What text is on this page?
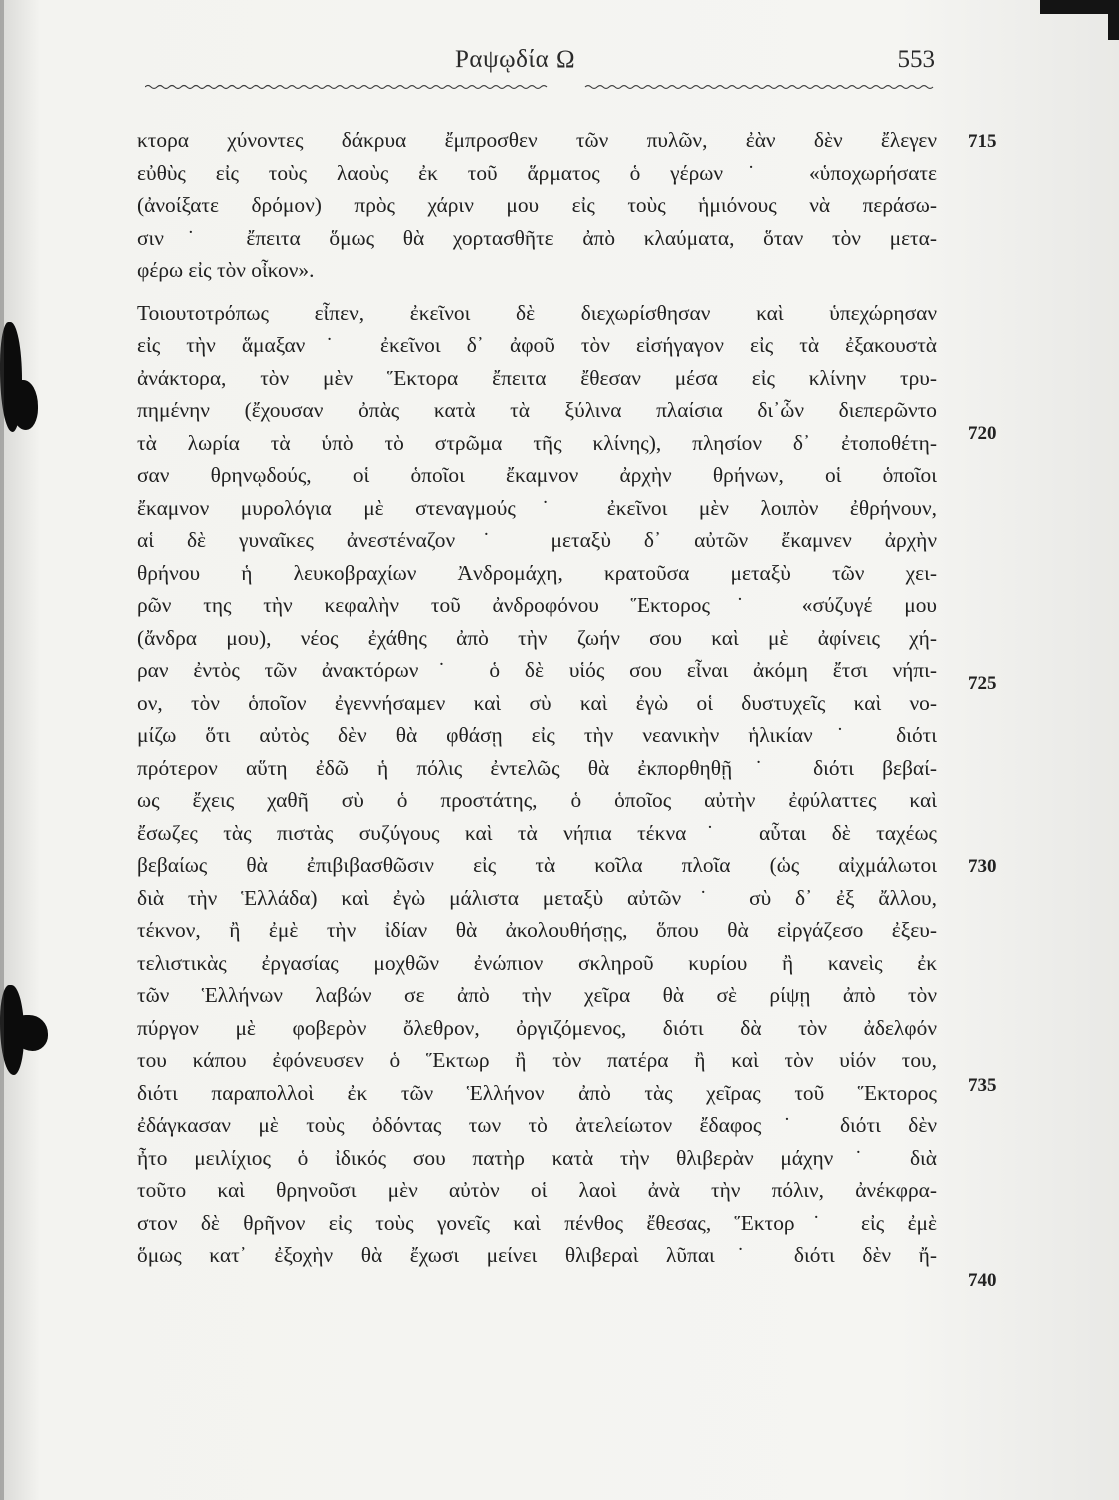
Ραψῳδία Ω	553
κτορα χύνοντες δάκρυα ἔμπροσθεν τῶν πυλῶν, ἐὰν δὲν ἔλεγεν
εὐθὺς εἰς τοὺς λαοὺς ἐκ τοῦ ἅρματος ὁ γέρων˙ «ὑποχωρήσατε
(ἀνοίξατε δρόμον) πρὸς χάριν μου εἰς τοὺς ἡμιόνους νὰ περάσω-
σιν˙ ἔπειτα ὅμως θὰ χορτασθῆτε ἀπὸ κλαύματα, ὅταν τὸν μετα-
φέρω εἰς τὸν οἶκον».
Τοιουτοτρόπως εἶπεν, ἐκεῖνοι δὲ διεχωρίσθησαν καὶ ὑπεχώρησαν
εἰς τὴν ἅμαξαν˙ ἐκεῖνοι δ᾽ ἀφοῦ τὸν εἰσήγαγον εἰς τὰ ἐξακουστὰ
ἀνάκτορα, τὸν μὲν Ἕκτορα ἔπειτα ἔθεσαν μέσα εἰς κλίνην τρυ-
πημένην (ἔχουσαν ὀπὰς κατὰ τὰ ξύλινα πλαίσια δι᾽ὧν διεπερῶντο
τὰ λωρία τὰ ὑπὸ τὸ στρῶμα τῆς κλίνης), πλησίον δ᾽ ἐτοποθέτη-
σαν θρηνῳδούς, οἱ ὁποῖοι ἔκαμνον ἀρχὴν θρήνων, οἱ ὁποῖοι
ἔκαμνον μυρολόγια μὲ στεναγμούς˙ ἐκεῖνοι μὲν λοιπὸν ἐθρήνουν,
αἱ δὲ γυναῖκες ἀνεστέναζον˙ μεταξὺ δ᾽ αὐτῶν ἔκαμνεν ἀρχὴν
θρήνου ἡ λευκοβραχίων Ἀνδρομάχη, κρατοῦσα μεταξὺ τῶν χει-
ρῶν της τὴν κεφαλὴν τοῦ ἀνδροφόνου Ἕκτορος˙ «σύζυγέ μου
(ἄνδρα μου), νέος ἐχάθης ἀπὸ τὴν ζωήν σου καὶ μὲ ἀφίνεις χή-
ραν ἐντὸς τῶν ἀνακτόρων˙ ὁ δὲ υἱός σου εἶναι ἀκόμη ἔτσι νήπι-
ον, τὸν ὁποῖον ἐγεννήσαμεν καὶ σὺ καὶ ἐγὼ οἱ δυστυχεῖς καὶ νο-
μίζω ὅτι αὐτὸς δὲν θὰ φθάσῃ εἰς τὴν νεανικὴν ἡλικίαν˙ διότι
πρότερον αὕτη ἐδῶ ἡ πόλις ἐντελῶς θὰ ἐκπορθηθῇ˙ διότι βεβαί-
ως ἔχεις χαθῆ σὺ ὁ προστάτης, ὁ ὁποῖος αὐτὴν ἐφύλαττες καὶ
ἔσωζες τὰς πιστὰς συζύγους καὶ τὰ νήπια τέκνα˙ αὗται δὲ ταχέως
βεβαίως θὰ ἐπιβιβασθῶσιν εἰς τὰ κοῖλα πλοῖα (ὡς αἰχμάλωτοι
διὰ τὴν Ἑλλάδα) καὶ ἐγὼ μάλιστα μεταξὺ αὐτῶν˙ σὺ δ᾽ ἐξ ἄλλου,
τέκνον, ἢ ἐμὲ τὴν ἰδίαν θὰ ἀκολουθήσῃς, ὅπου θὰ εἰργάζεσο ἐξευ-
τελιστικὰς ἐργασίας μοχθῶν ἐνώπιον σκληροῦ κυρίου ἢ κανεὶς ἐκ
τῶν Ἑλλήνων λαβών σε ἀπὸ τὴν χεῖρα θὰ σὲ ρίψῃ ἀπὸ τὸν
πύργον μὲ φοβερὸν ὄλεθρον, ὀργιζόμενος, διότι δὰ τὸν ἀδελφόν
του κάπου ἐφόνευσεν ὁ Ἕκτωρ ἢ τὸν πατέρα ἢ καὶ τὸν υἱόν του,
διότι παραπολλοὶ ἐκ τῶν Ἑλλήνον ἀπὸ τὰς χεῖρας τοῦ Ἕκτορος
ἐδάγκασαν μὲ τοὺς ὀδόντας των τὸ ἀτελείωτον ἔδαφος˙ διότι δὲν
ἦτο μειλίχιος ὁ ἰδικός σου πατὴρ κατὰ τὴν θλιβερὰν μάχην˙ διὰ
τοῦτο καὶ θρηνοῦσι μὲν αὐτὸν οἱ λαοὶ ἀνὰ τὴν πόλιν, ἀνέκφρα-
στον δὲ θρῆνον εἰς τοὺς γονεῖς καὶ πένθος ἔθεσας, Ἕκτορ˙ εἰς ἐμὲ
ὅμως κατ᾽ ἐξοχὴν θὰ ἔχωσι μείνει θλιβεραὶ λῦπαι˙ διότι δὲν ἤ-
715
720
725
730
735
740
